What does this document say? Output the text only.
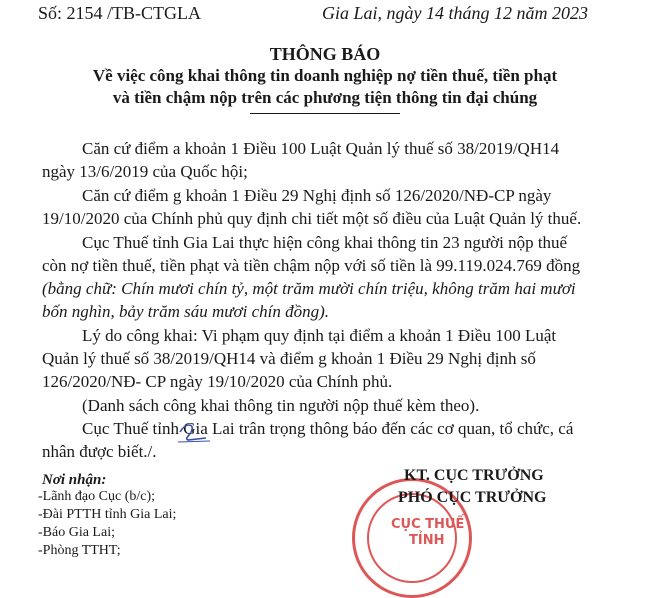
Số: 2154 /TB-CTGLA	Gia Lai, ngày 14 tháng 12 năm 2023
THÔNG BÁO
Về việc công khai thông tin doanh nghiệp nợ tiền thuế, tiền phạt
và tiền chậm nộp trên các phương tiện thông tin đại chúng
Căn cứ điểm a khoản 1 Điều 100 Luật Quản lý thuế số 38/2019/QH14
ngày 13/6/2019 của Quốc hội;
Căn cứ điểm g khoản 1 Điều 29 Nghị định số 126/2020/NĐ-CP ngày
19/10/2020 của Chính phủ quy định chi tiết một số điều của Luật Quản lý thuế.
Cục Thuế tỉnh Gia Lai thực hiện công khai thông tin 23 người nộp thuế
còn nợ tiền thuế, tiền phạt và tiền chậm nộp với số tiền là 99.119.024.769 đồng
(bằng chữ: Chín mươi chín tỷ, một trăm mười chín triệu, không trăm hai mươi
bốn nghìn, bảy trăm sáu mươi chín đồng).
Lý do công khai: Vi phạm quy định tại điểm a khoản 1 Điều 100 Luật
Quản lý thuế số 38/2019/QH14 và điểm g khoản 1 Điều 29 Nghị định số
126/2020/NĐ- CP ngày 19/10/2020 của Chính phủ.
(Danh sách công khai thông tin người nộp thuế kèm theo).
Cục Thuế tỉnh Gia Lai trân trọng thông báo đến các cơ quan, tổ chức, cá
nhân được biết./.
Nơi nhận:
-Lãnh đạo Cục (b/c);
-Đài PTTH tỉnh Gia Lai;
-Báo Gia Lai;
-Phòng TTHT;
CỤC THUẾ
TỈNH
KT. CỤC TRƯỞNG
PHÓ CỤC TRƯỞNG
